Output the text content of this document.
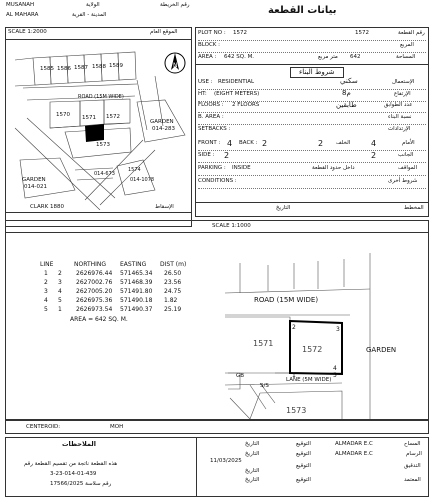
MUSANAH	الولاية
AL MAHARA	المدينة - القرية
رقم الخريطة	بيانات القطعة
SCALE 1:2000	الموقع العام
N
1585 1586 1587 1588 1589
ROAD (15M WIDE)
1570 1571 1572
1573
GARDEN
014-283
GARDEN
014-021
014-673
014-1078
1574
CLARK 1880	الإسقاط
PLOT NO : 1572	1572	رقم القطعة
BLOCK :	المربع
AREA : 642 SQ. M.	متر مربع 642	المساحة
شروط البناء
USE : RESIDENTIAL	سكني	الإستعمال
HT: (EIGHT METERS)	8م	الإرتفاع
FLOORS : 2 FLOORS	طابقين	عدد الطوابق
B. AREA :	نسبة البناء
SETBACKS :	الإرتدادات
FRONT : 4 BACK : 2	2 الخلف	4	الأمام
SIDE : 2	2	الجانب
PARKING : INSIDE	داخل حدود القطعة	المواقف
CONDITIONS :	شروط أخرى
التاريخ	المخطط
SCALE 1:1000
LINE	NORTHING EASTING DIST (m)
1 2 2626976.44 571465.34 26.50
2 3 2627002.76 571468.39 23.56
3 4 2627005.20 571491.80 24.75
4 5 2626975.36 571490.18 1.82
5 1 2626973.54 571490.37 25.19
AREA = 642 SQ. M.
ROAD (15M WIDE)
1571
1572	GARDEN
2	3
4
5
1
LANE (5M WIDE)
GB
S/S
1573
CENTEROID:	MOH
الملاحظات
هذه القطعة ناتجة من تقسيم القطعة رقم
3-23-014-01-439
رقم سلاسة 17566/2025
ALMADAR E.C	المساح
التوقيع
التاريخ
ALMADAR E.C	الرسام
التوقيع
11/03/2025
التاريخ
التدقيق
التوقيع
التاريخ
المعتمد
التوقيع
التاريخ
